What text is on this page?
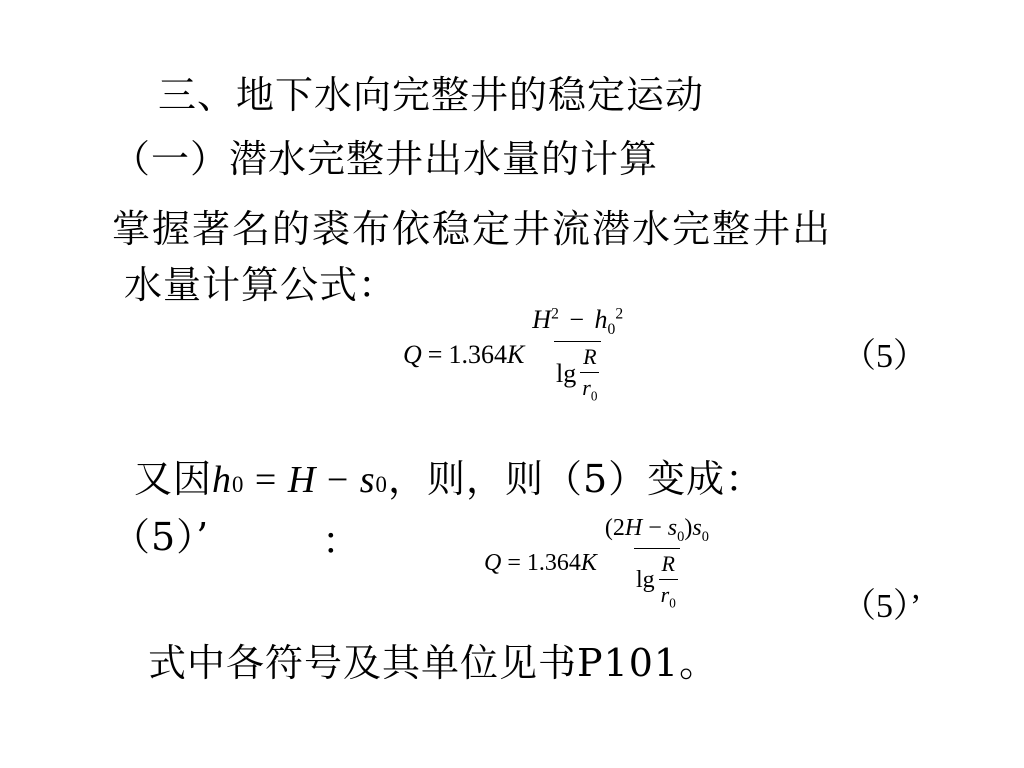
三、地下水向完整井的稳定运动
（一）潜水完整井出水量的计算
掌握著名的裘布依稳定井流潜水完整井出
水量计算公式：
Q = 1.364 K $\frac{H^2 - h_0^2}{\lg \frac{R}{r_0}}$	（5）
又因 h 0 = H − s 0 ，则，则（5）变成：
（5）’	：	Q = 1.364 K $\frac{(2H - s_0)s_0}{\lg \frac{R}{r_0}}$	（5）’
式中各符号及其单位见书P101。
